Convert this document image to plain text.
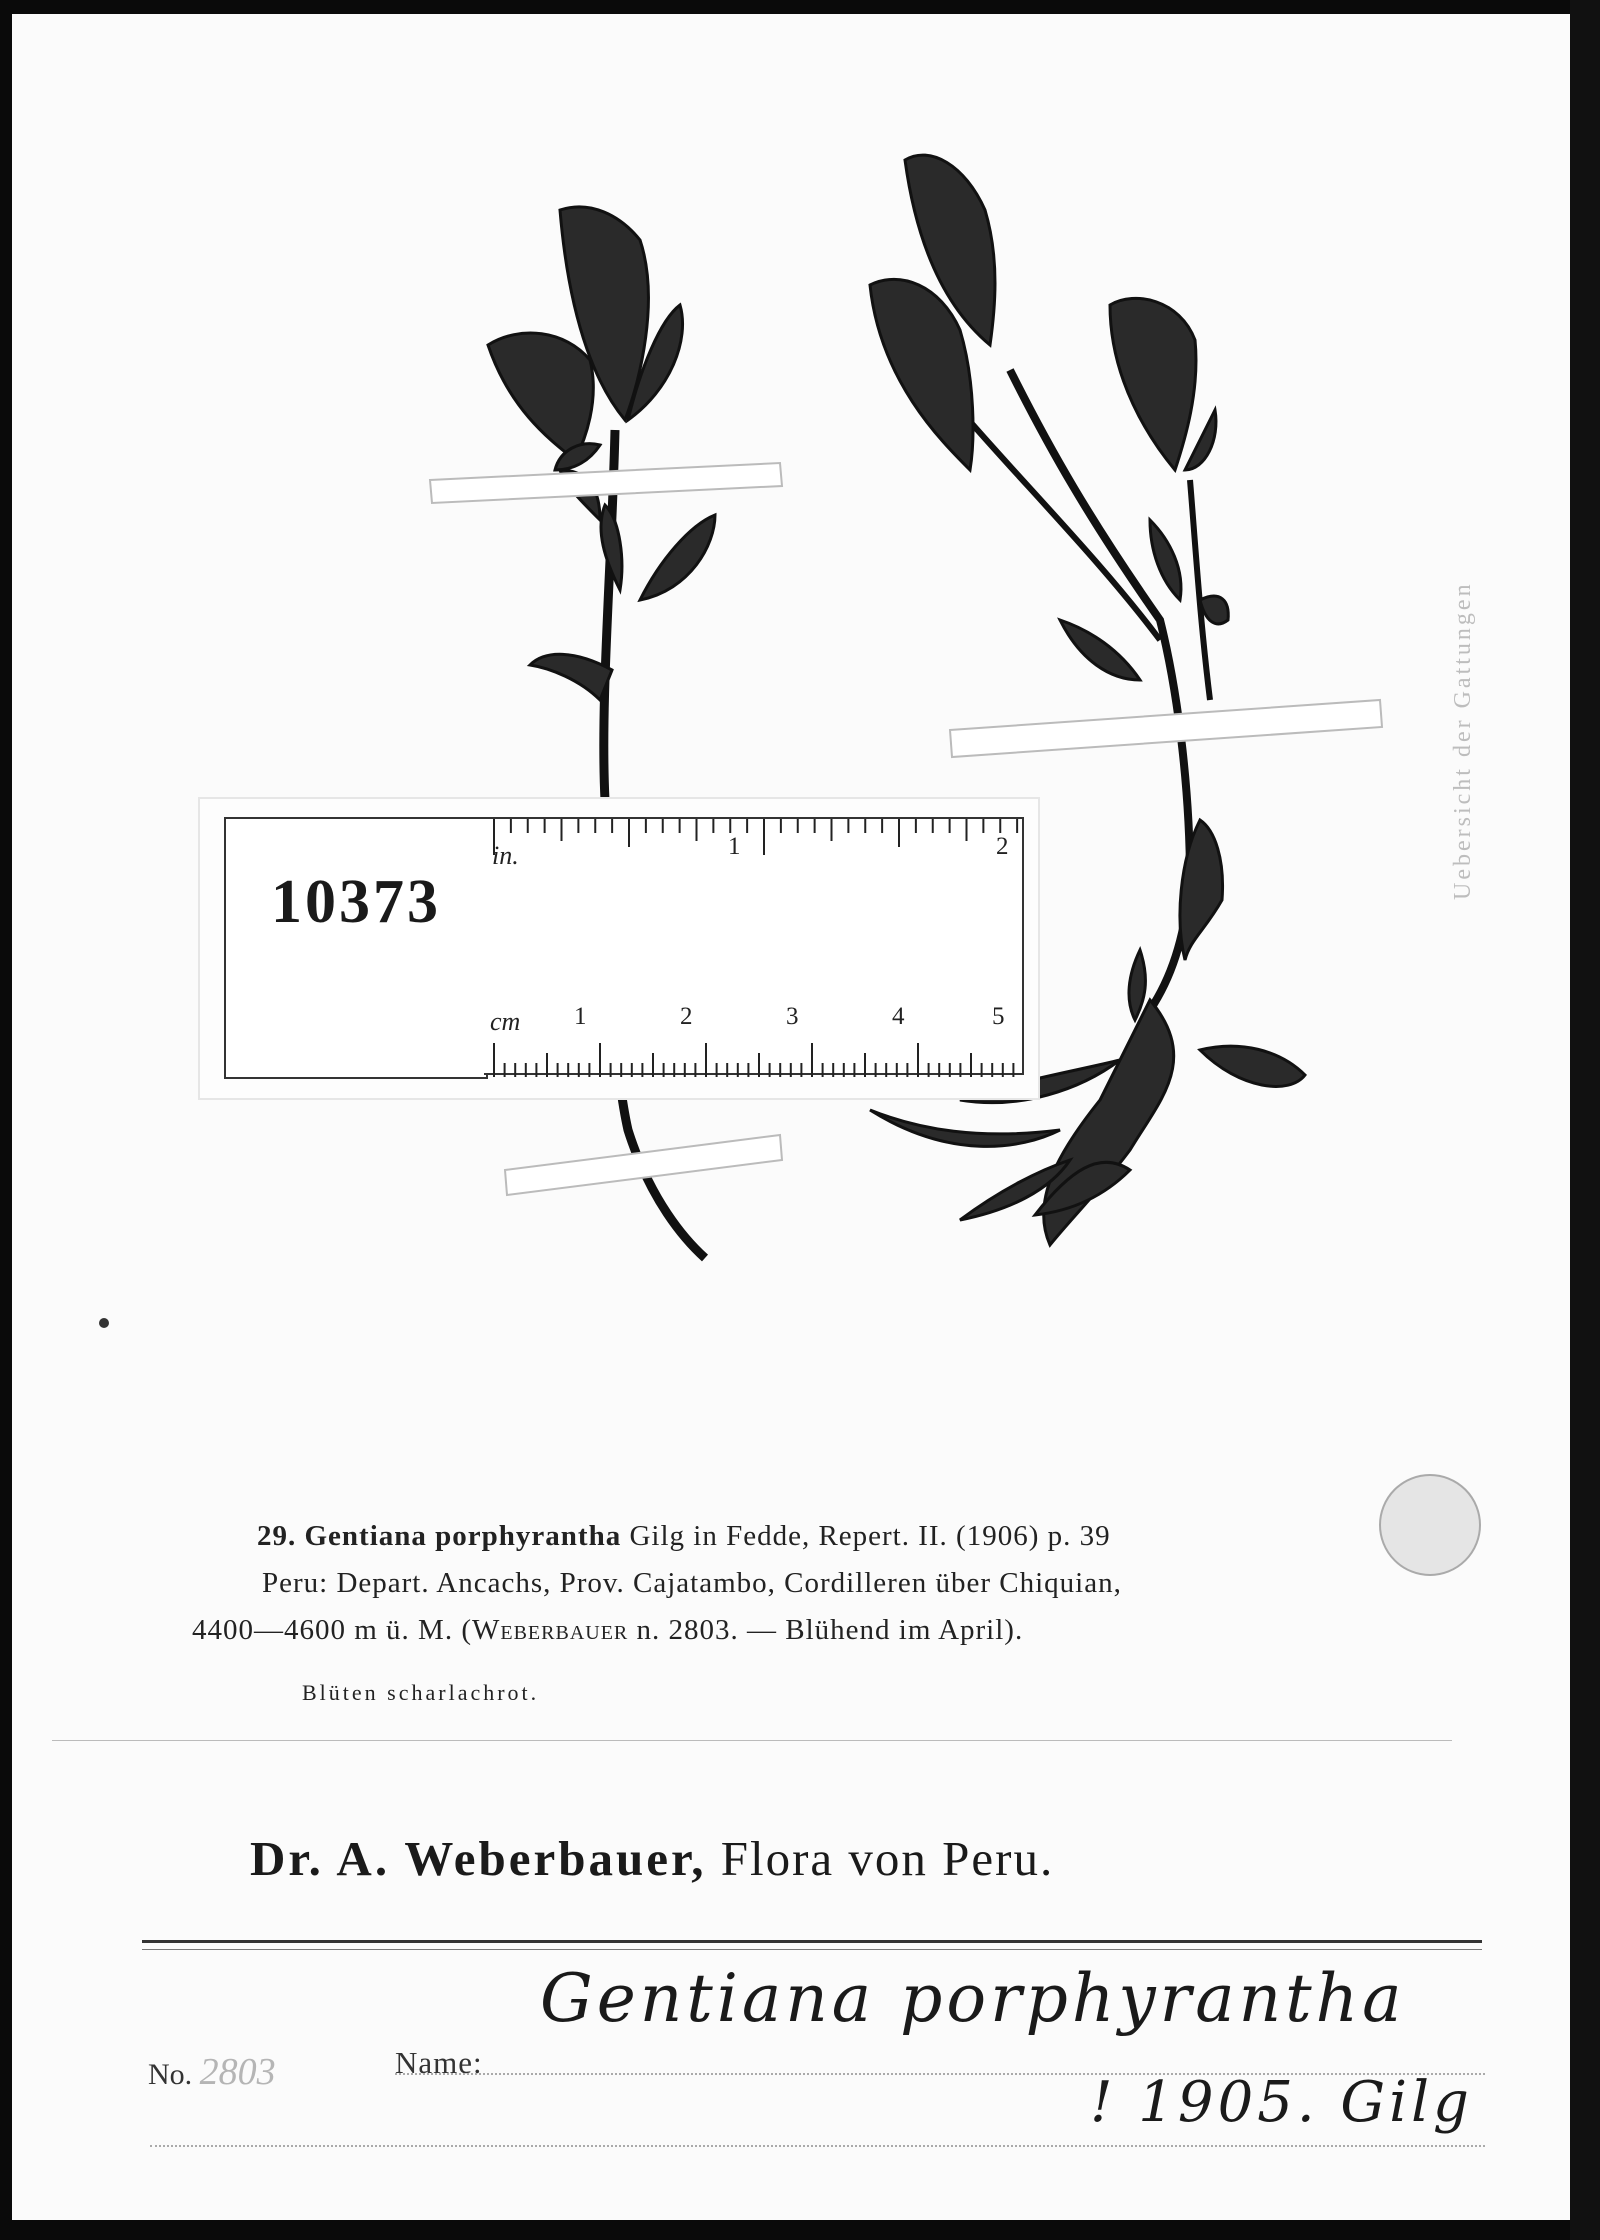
10373
in.	1	2
cm 1	2	3	4	5
Uebersicht der Gattungen
29. Gentiana porphyrantha Gilg in Fedde, Repert. II. (1906) p. 39
Peru: Depart. Ancachs, Prov. Cajatambo, Cordilleren über Chiquian,
4400—4600 m ü. M. (Weberbauer n. 2803. — Blühend im April).
Blüten scharlachrot.
Dr. A. Weberbauer, Flora von Peru.
No. 2803	Name:
Gentiana porphyrantha
! 1905. Gilg
